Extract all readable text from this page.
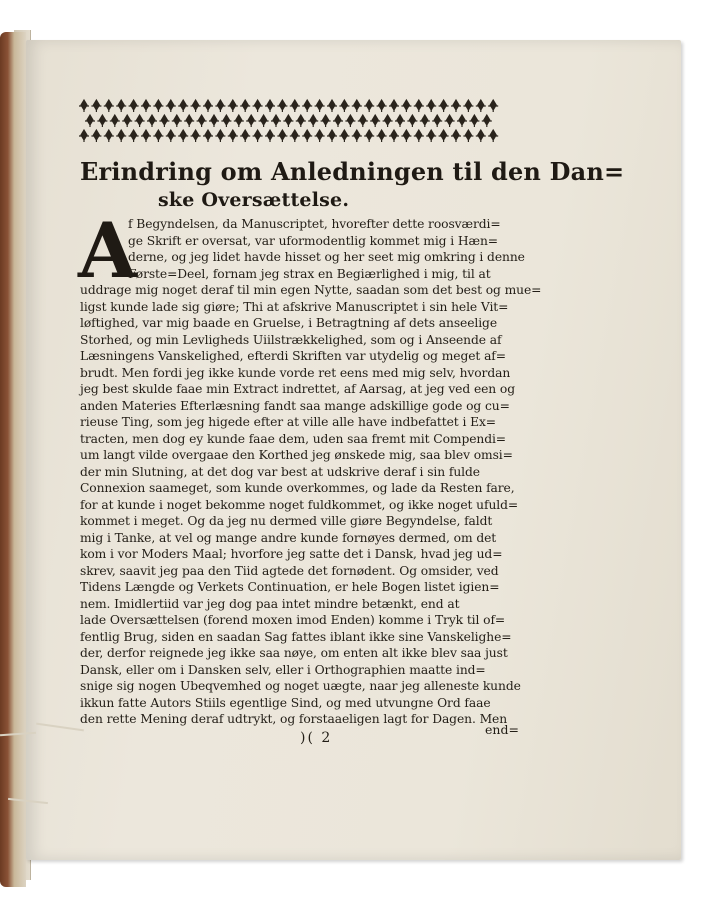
Erindring om Anledningen til den Dan=
ske Oversættelse.
A
f Begyndelsen, da Manuscriptet, hvorefter dette roosværdi=
ge Skrift er oversat, var uformodentlig kommet mig i Hæn=
derne, og jeg lidet havde hisset og her seet mig omkring i denne
Første=Deel, fornam jeg strax en Begiærlighed i mig, til at
uddrage mig noget deraf til min egen Nytte, saadan som det best og mue=
ligst kunde lade sig giøre; Thi at afskrive Manuscriptet i sin hele Vit=
løftighed, var mig baade en Gruelse, i Betragtning af dets anseelige
Storhed, og min Levligheds Uiilstrækkelighed, som og i Anseende af
Læsningens Vanskelighed, efterdi Skriften var utydelig og meget af=
brudt. Men fordi jeg ikke kunde vorde ret eens med mig selv, hvordan
jeg best skulde faae min Extract indrettet, af Aarsag, at jeg ved een og
anden Materies Efterlæsning fandt saa mange adskillige gode og cu=
rieuse Ting, som jeg higede efter at ville alle have indbefattet i Ex=
tracten, men dog ey kunde faae dem, uden saa fremt mit Compendi=
um langt vilde overgaae den Korthed jeg ønskede mig, saa blev omsi=
der min Slutning, at det dog var best at udskrive deraf i sin fulde
Connexion saameget, som kunde overkommes, og lade da Resten fare,
for at kunde i noget bekomme noget fuldkommet, og ikke noget ufuld=
kommet i meget. Og da jeg nu dermed ville giøre Begyndelse, faldt
mig i Tanke, at vel og mange andre kunde fornøyes dermed, om det
kom i vor Moders Maal; hvorfore jeg satte det i Dansk, hvad jeg ud=
skrev, saavit jeg paa den Tiid agtede det fornødent. Og omsider, ved
Tidens Længde og Verkets Continuation, er hele Bogen listet igien=
nem. Imidlertiid var jeg dog paa intet mindre betænkt, end at
lade Oversættelsen (forend moxen imod Enden) komme i Tryk til of=
fentlig Brug, siden en saadan Sag fattes iblant ikke sine Vanskelighe=
der, derfor reignede jeg ikke saa nøye, om enten alt ikke blev saa just
Dansk, eller om i Dansken selv, eller i Orthographien maatte ind=
snige sig nogen Ubeqvemhed og noget uægte, naar jeg alleneste kunde
ikkun fatte Autors Stiils egentlige Sind, og med utvungne Ord faae
den rette Mening deraf udtrykt, og forstaaeligen lagt for Dagen. Men
)( 2
end=
